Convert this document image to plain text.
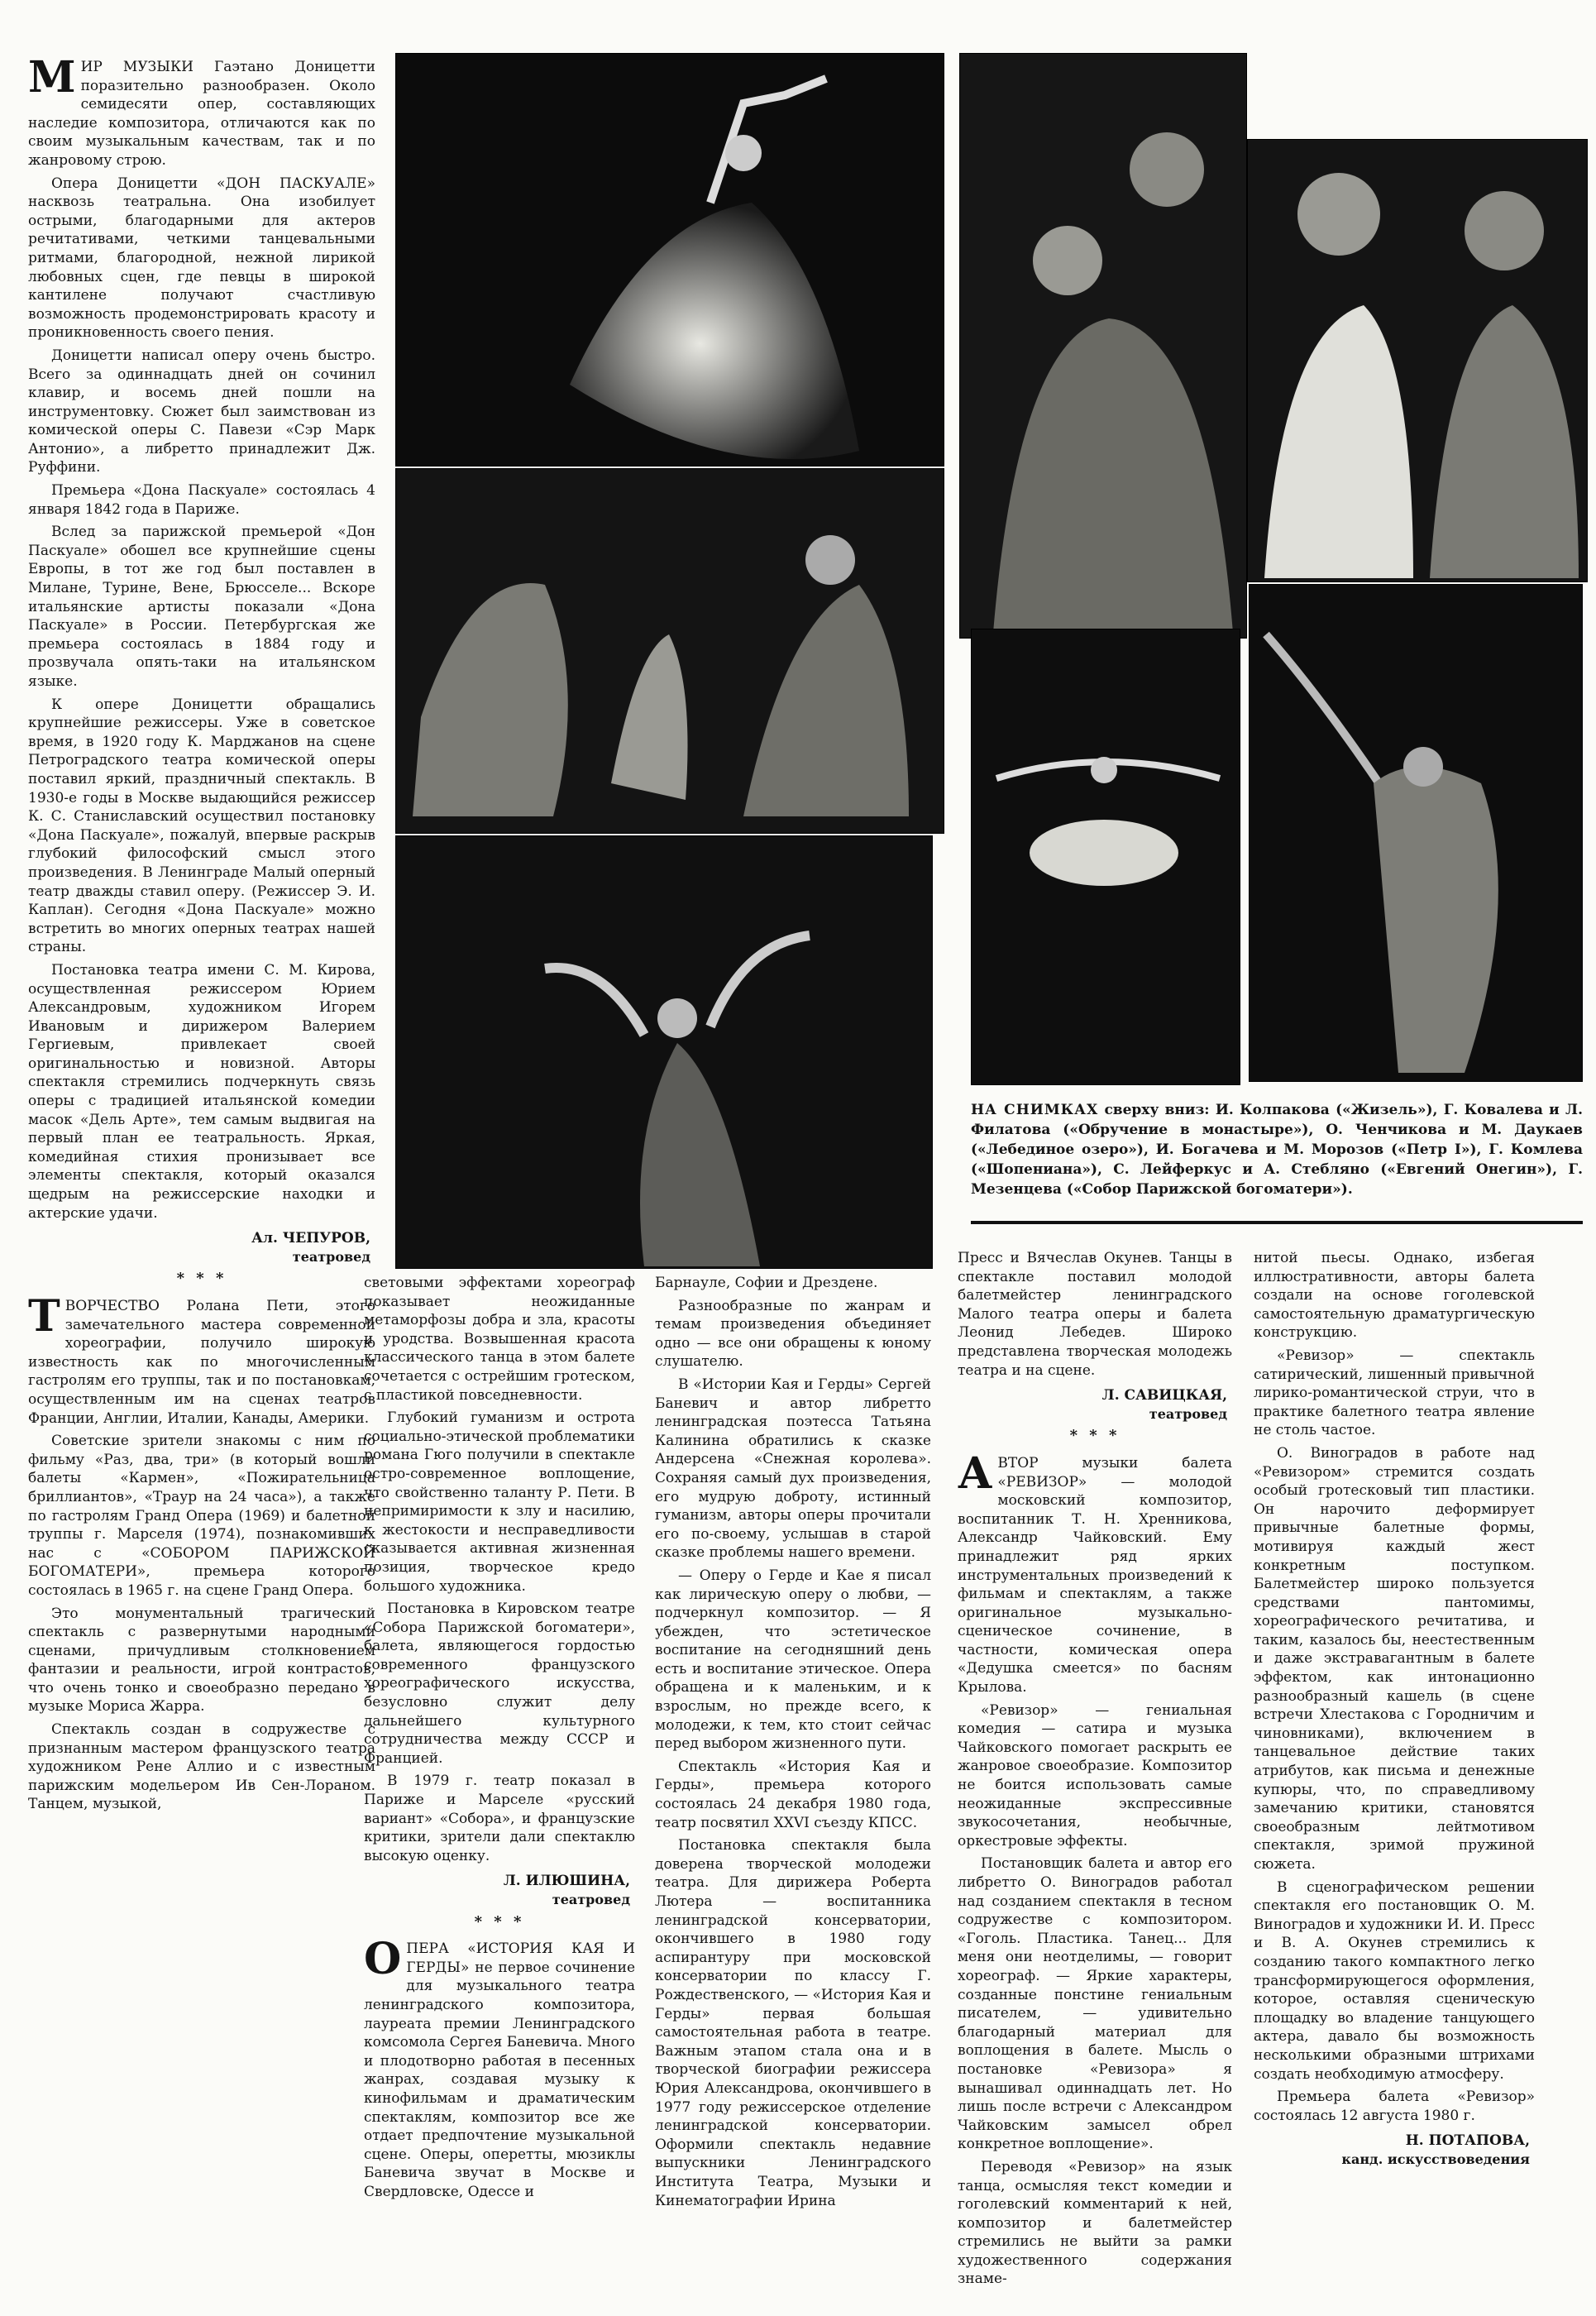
МИР МУЗЫКИ Гаэтано Доницетти поразительно разнообразен. Около семидесяти опер, составляющих наследие композитора, отличаются как по своим музыкальным качествам, так и по жанровому строю.

Опера Доницетти «ДОН ПАСКУАЛЕ» насквозь театральна. Она изобилует острыми, благодарными для актеров речитативами, четкими танцевальными ритмами, благородной, нежной лирикой любовных сцен, где певцы в широкой кантилене получают счастливую возможность продемонстрировать красоту и проникновенность своего пения.

Доницетти написал оперу очень быстро. Всего за одиннадцать дней он сочинил клавир, и восемь дней пошли на инструментовку. Сюжет был заимствован из комической оперы С. Павези «Сэр Марк Антонио», а либретто принадлежит Дж. Руффини.

Премьера «Дона Паскуале» состоялась 4 января 1842 года в Париже.

Вслед за парижской премьерой «Дон Паскуале» обошел все крупнейшие сцены Европы, в тот же год был поставлен в Милане, Турине, Вене, Брюсселе... Вскоре итальянские артисты показали «Дона Паскуале» в России. Петербургская же премьера состоялась в 1884 году и прозвучала опять-таки на итальянском языке.

К опере Доницетти обращались крупнейшие режиссеры. Уже в советское время, в 1920 году К. Марджанов на сцене Петроградского театра комической оперы поставил яркий, праздничный спектакль. В 1930-е годы в Москве выдающийся режиссер К. С. Станиславский осуществил постановку «Дона Паскуале», пожалуй, впервые раскрыв глубокий философский смысл этого произведения. В Ленинграде Малый оперный театр дважды ставил оперу. (Режиссер Э. И. Каплан). Сегодня «Дона Паскуале» можно встретить во многих оперных театрах нашей страны.

Постановка театра имени С. М. Кирова, осуществленная режиссером Юрием Александровым, художником Игорем Ивановым и дирижером Валерием Гергиевым, привлекает своей оригинальностью и новизной. Авторы спектакля стремились подчеркнуть связь оперы с традицией итальянской комедии масок «Дель Арте», тем самым выдвигая на первый план ее театральность. Яркая, комедийная стихия пронизывает все элементы спектакля, который оказался щедрым на режиссерские находки и актерские удачи.

Ал. ЧЕПУРОВ,
театровед
* * *

ТВОРЧЕСТВО Ролана Пети, этого замечательного мастера современной хореографии, получило широкую известность как по многочисленным гастролям его труппы, так и по постановкам, осуществленным им на сценах театров Франции, Англии, Италии, Канады, Америки.

Советские зрители знакомы с ним по фильму «Раз, два, три» (в который вошли балеты «Кармен», «Пожирательница бриллиантов», «Траур на 24 часа»), а также по гастролям Гранд Опера (1969) и балетной труппы г. Марселя (1974), познакомивших нас с «СОБОРОМ ПАРИЖСКОЙ БОГОМАТЕРИ», премьера которого состоялась в 1965 г. на сцене Гранд Опера.

Это монументальный трагический спектакль с развернутыми народными сценами, причудливым столкновением фантазии и реальности, игрой контрастов, что очень тонко и своеобразно передано в музыке Мориса Жарра.

Спектакль создан в содружестве с признанным мастером французского театра художником Рене Аллио и с известным парижским модельером Ив Сен-Лораном. Танцем, музыкой,

НА СНИМКАХ сверху вниз: И. Колпакова («Жизель»), Г. Ковалева и Л. Филатова («Обручение в монастыре»), О. Ченчикова и М. Даукаев («Лебединое озеро»), И. Богачева и М. Морозов («Петр I»), Г. Комлева («Шопениана»), С. Лейферкус и А. Стебляно («Евгений Онегин»), Г. Мезенцева («Собор Парижской богоматери»).

световыми эффектами хореограф показывает неожиданные метаморфозы добра и зла, красоты и уродства. Возвышенная красота классического танца в этом балете сочетается с острейшим гротеском, с пластикой повседневности.

Глубокий гуманизм и острота социально-этической проблематики романа Гюго получили в спектакле остро-современное воплощение, что свойственно таланту Р. Пети. В непримиримости к злу и насилию, к жестокости и несправедливости сказывается активная жизненная позиция, творческое кредо большого художника.

Постановка в Кировском театре «Собора Парижской богоматери», балета, являющегося гордостью современного французского хореографического искусства, безусловно служит делу дальнейшего культурного сотрудничества между СССР и Францией.

В 1979 г. театр показал в Париже и Марселе «русский вариант» «Собора», и французские критики, зрители дали спектаклю высокую оценку.

Л. ИЛЮШИНА,
театровед
* * *

ОПЕРА «ИСТОРИЯ КАЯ И ГЕРДЫ» не первое сочинение для музыкального театра ленинградского композитора, лауреата премии Ленинградского комсомола Сергея Баневича. Много и плодотворно работая в песенных жанрах, создавая музыку к кинофильмам и драматическим спектаклям, композитор все же отдает предпочтение музыкальной сцене. Оперы, оперетты, мюзиклы Баневича звучат в Москве и Свердловске, Одессе и

Барнауле, Софии и Дрездене.

Разнообразные по жанрам и темам произведения объединяет одно — все они обращены к юному слушателю.

В «Истории Кая и Герды» Сергей Баневич и автор либретто ленинградская поэтесса Татьяна Калинина обратились к сказке Андерсена «Снежная королева». Сохраняя самый дух произведения, его мудрую доброту, истинный гуманизм, авторы оперы прочитали его по-своему, услышав в старой сказке проблемы нашего времени.

— Оперу о Герде и Кае я писал как лирическую оперу о любви, — подчеркнул композитор. — Я убежден, что эстетическое воспитание на сегодняшний день есть и воспитание этическое. Опера обращена и к маленьким, и к взрослым, но прежде всего, к молодежи, к тем, кто стоит сейчас перед выбором жизненного пути.

Спектакль «История Кая и Герды», премьера которого состоялась 24 декабря 1980 года, театр посвятил XXVI съезду КПСС.

Постановка спектакля была доверена творческой молодежи театра. Для дирижера Роберта Лютера — воспитанника ленинградской консерватории, окончившего в 1980 году аспирантуру при московской консерватории по классу Г. Рождественского, — «История Кая и Герды» первая большая самостоятельная работа в театре. Важным этапом стала она и в творческой биографии режиссера Юрия Александрова, окончившего в 1977 году режиссерское отделение ленинградской консерватории. Оформили спектакль недавние выпускники Ленинградского Института Театра, Музыки и Кинематографии Ирина

Пресс и Вячеслав Окунев. Танцы в спектакле поставил молодой балетмейстер ленинградского Малого театра оперы и балета Леонид Лебедев. Широко представлена творческая молодежь театра и на сцене.

Л. САВИЦКАЯ,
театровед
* * *

АВТОР музыки балета «РЕВИЗОР» — молодой московский композитор, воспитанник Т. Н. Хренникова, Александр Чайковский. Ему принадлежит ряд ярких инструментальных произведений к фильмам и спектаклям, а также оригинальное музыкально-сценическое сочинение, в частности, комическая опера «Дедушка смеется» по басням Крылова.

«Ревизор» — гениальная комедия — сатира и музыка Чайковского помогает раскрыть ее жанровое своеобразие. Композитор не боится использовать самые неожиданные экспрессивные звукосочетания, необычные, оркестровые эффекты.

Постановщик балета и автор его либретто О. Виноградов работал над созданием спектакля в тесном содружестве с композитором. «Гоголь. Пластика. Танец... Для меня они неотделимы, — говорит хореограф. — Яркие характеры, созданные понстине гениальным писателем, — удивительно благодарный материал для воплощения в балете. Мысль о постановке «Ревизора» я вынашивал одиннадцать лет. Но лишь после встречи с Александром Чайковским замысел обрел конкретное воплощение».

Переводя «Ревизор» на язык танца, осмысляя текст комедии и гоголевский комментарий к ней, композитор и балетмейстер стремились не выйти за рамки художественного содержания знаме-

нитой пьесы. Однако, избегая иллюстративности, авторы балета создали на основе гоголевской самостоятельную драматургическую конструкцию.

«Ревизор» — спектакль сатирический, лишенный привычной лирико-романтической струи, что в практике балетного театра явление не столь частое.

О. Виноградов в работе над «Ревизором» стремится создать особый гротесковый тип пластики. Он нарочито деформирует привычные балетные формы, мотивируя каждый жест конкретным поступком. Балетмейстер широко пользуется средствами пантомимы, хореографического речитатива, и таким, казалось бы, неестественным и даже экстравагантным в балете эффектом, как интонационно разнообразный кашель (в сцене встречи Хлестакова с Городничим и чиновниками), включением в танцевальное действие таких атрибутов, как письма и денежные купюры, что, по справедливому замечанию критики, становятся своеобразным лейтмотивом спектакля, зримой пружиной сюжета.

В сценографическом решении спектакля его постановщик О. М. Виноградов и художники И. И. Пресс и В. А. Окунев стремились к созданию такого компактного легко трансформирующегося оформления, которое, оставляя сценическую площадку во владение танцующего актера, давало бы возможность несколькими образными штрихами создать необходимую атмосферу.

Премьера балета «Ревизор» состоялась 12 августа 1980 г.

Н. ПОТАПОВА,
канд. искусствоведения
